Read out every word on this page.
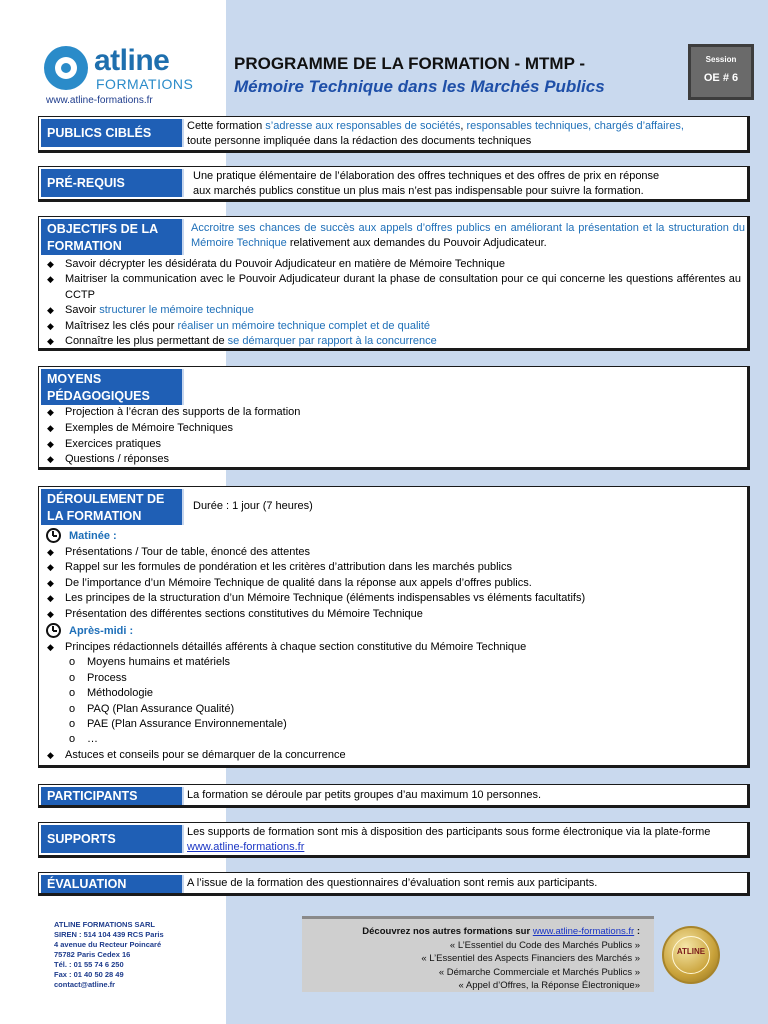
atline
FORMATIONS
www.atline-formations.fr
PROGRAMME DE LA FORMATION - MTMP -
Mémoire Technique dans les Marchés Publics
Session
OE # 6
PUBLICS CIBLÉS	Cette formation s’adresse aux responsables de sociétés, responsables techniques, chargés d’affaires,
toute personne impliquée dans la rédaction des documents techniques
PRÉ-REQUIS	Une pratique élémentaire de l’élaboration des offres techniques et des offres de prix en réponse
aux marchés publics constitue un plus mais n’est pas indispensable pour suivre la formation.
OBJECTIFS DE LA FORMATION
Accroitre ses chances de succès aux appels d’offres publics en améliorant la présentation et la structuration du Mémoire Technique relativement aux demandes du Pouvoir Adjudicateur.
◆ Savoir décrypter les désidérata du Pouvoir Adjudicateur en matière de Mémoire Technique
◆ Maitriser la communication avec le Pouvoir Adjudicateur durant la phase de consultation pour ce qui concerne les questions afférentes au CCTP
◆ Savoir structurer le mémoire technique
◆ Maîtrisez les clés pour réaliser un mémoire technique complet et de qualité
◆ Connaître les plus permettant de se démarquer par rapport à la concurrence
MOYENS PÉDAGOGIQUES
◆ Projection à l’écran des supports de la formation
◆ Exemples de Mémoire Techniques
◆ Exercices pratiques
◆ Questions / réponses
DÉROULEMENT DE LA FORMATION
Durée : 1 jour (7 heures)
Matinée :
◆ Présentations / Tour de table, énoncé des attentes
◆ Rappel sur les formules de pondération et les critères d’attribution dans les marchés publics
◆ De l’importance d’un Mémoire Technique de qualité dans la réponse aux appels d’offres publics.
◆ Les principes de la structuration d’un Mémoire Technique (éléments indispensables vs éléments facultatifs)
◆ Présentation des différentes sections constitutives du Mémoire Technique
Après-midi :
◆ Principes rédactionnels détaillés afférents à chaque section constitutive du Mémoire Technique
o Moyens humains et matériels
o Process
o Méthodologie
o PAQ (Plan Assurance Qualité)
o PAE (Plan Assurance Environnementale)
o …
◆ Astuces et conseils pour se démarquer de la concurrence
PARTICIPANTS	La formation se déroule par petits groupes d’au maximum 10 personnes.
SUPPORTS	Les supports de formation sont mis à disposition des participants sous forme électronique via la plate-forme www.atline-formations.fr
ÉVALUATION	A l’issue de la formation des questionnaires d’évaluation sont remis aux participants.
ATLINE FORMATIONS SARL
SIREN : 514 104 439 RCS Paris
4 avenue du Recteur Poincaré
75782 Paris Cedex 16
Tél. : 01 55 74 6 250
Fax : 01 40 50 28 49
contact@atline.fr
Découvrez nos autres formations sur www.atline-formations.fr :
« L’Essentiel du Code des Marchés Publics »
« L’Essentiel des Aspects Financiers des Marchés »
« Démarche Commerciale et Marchés Publics »
« Appel d’Offres, la Réponse Électronique»
ATLINE
